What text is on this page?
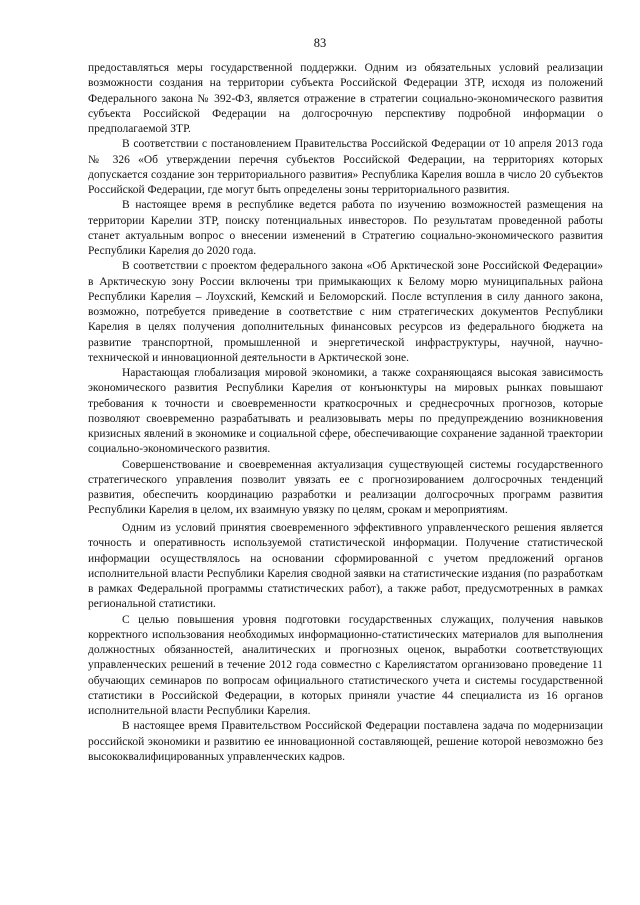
83

предоставляться меры государственной поддержки. Одним из обязательных условий реализации возможности создания на территории субъекта Российской Федерации ЗТР, исходя из положений Федерального закона № 392-ФЗ, является отражение в стратегии социально-экономического развития субъекта Российской Федерации на долгосрочную перспективу подробной информации о предполагаемой ЗТР.

В соответствии с постановлением Правительства Российской Федерации от 10 апреля 2013 года № 326 «Об утверждении перечня субъектов Российской Федерации, на территориях которых допускается создание зон территориального развития» Республика Карелия вошла в число 20 субъектов Российской Федерации, где могут быть определены зоны территориального развития.

В настоящее время в республике ведется работа по изучению возможностей размещения на территории Карелии ЗТР, поиску потенциальных инвесторов. По результатам проведенной работы станет актуальным вопрос о внесении изменений в Стратегию социально-экономического развития Республики Карелия до 2020 года.

В соответствии с проектом федерального закона «Об Арктической зоне Российской Федерации» в Арктическую зону России включены три примыкающих к Белому морю муниципальных района Республики Карелия – Лоухский, Кемский и Беломорский. После вступления в силу данного закона, возможно, потребуется приведение в соответствие с ним стратегических документов Республики Карелия в целях получения дополнительных финансовых ресурсов из федерального бюджета на развитие транспортной, промышленной и энергетической инфраструктуры, научной, научно-технической и инновационной деятельности в Арктической зоне.

Нарастающая глобализация мировой экономики, а также сохраняющаяся высокая зависимость экономического развития Республики Карелия от конъюнктуры на мировых рынках повышают требования к точности и своевременности краткосрочных и среднесрочных прогнозов, которые позволяют своевременно разрабатывать и реализовывать меры по предупреждению возникновения кризисных явлений в экономике и социальной сфере, обеспечивающие сохранение заданной траектории социально-экономического развития.

Совершенствование и своевременная актуализация существующей системы государственного стратегического управления позволит увязать ее с прогнозированием долгосрочных тенденций развития, обеспечить координацию разработки и реализации долгосрочных программ развития Республики Карелия в целом, их взаимную увязку по целям, срокам и мероприятиям.

Одним из условий принятия своевременного эффективного управленческого решения является точность и оперативность используемой статистической информации. Получение статистической информации осуществлялось на основании сформированной с учетом предложений органов исполнительной власти Республики Карелия сводной заявки на статистические издания (по разработкам в рамках Федеральной программы статистических работ), а также работ, предусмотренных в рамках региональной статистики.

С целью повышения уровня подготовки государственных служащих, получения навыков корректного использования необходимых информационно-статистических материалов для выполнения должностных обязанностей, аналитических и прогнозных оценок, выработки соответствующих управленческих решений в течение 2012 года совместно с Карелиястатом организовано проведение 11 обучающих семинаров по вопросам официального статистического учета и системы государственной статистики в Российской Федерации, в которых приняли участие 44 специалиста из 16 органов исполнительной власти Республики Карелия.

В настоящее время Правительством Российской Федерации поставлена задача по модернизации российской экономики и развитию ее инновационной составляющей, решение которой невозможно без высококвалифицированных управленческих кадров.
